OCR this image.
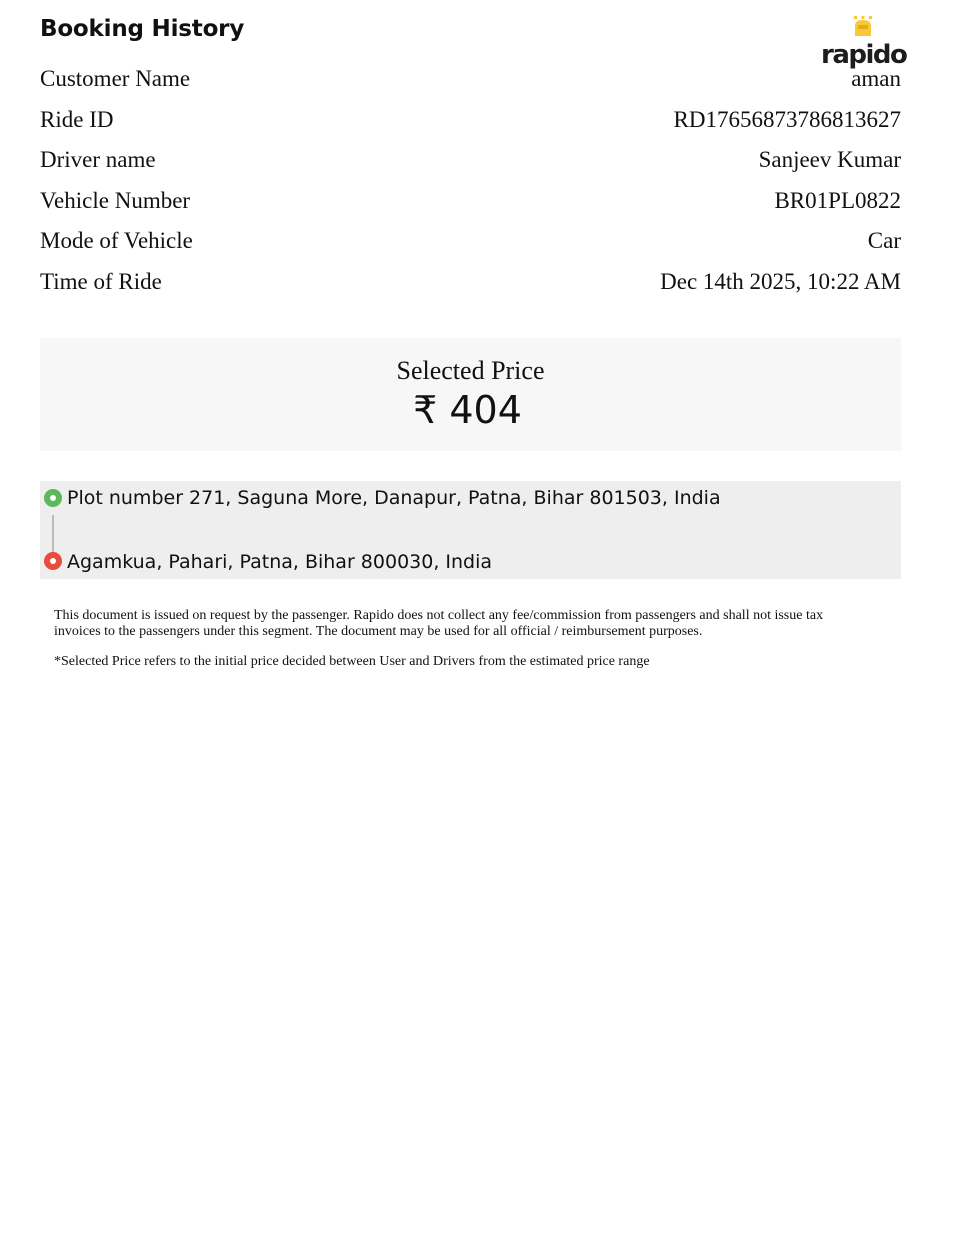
Booking History
rapido
Customer Name	aman
Ride ID	RD17656873786813627
Driver name	Sanjeev Kumar
Vehicle Number	BR01PL0822
Mode of Vehicle	Car
Time of Ride	Dec 14th 2025, 10:22 AM
Selected Price
₹ 404
Plot number 271, Saguna More, Danapur, Patna, Bihar 801503, India
Agamkua, Pahari, Patna, Bihar 800030, India

This document is issued on request by the passenger. Rapido does not collect any fee/commission from passengers and shall not issue tax invoices to the passengers under this segment. The document may be used for all official / reimbursement purposes.

*Selected Price refers to the initial price decided between User and Drivers from the estimated price range
